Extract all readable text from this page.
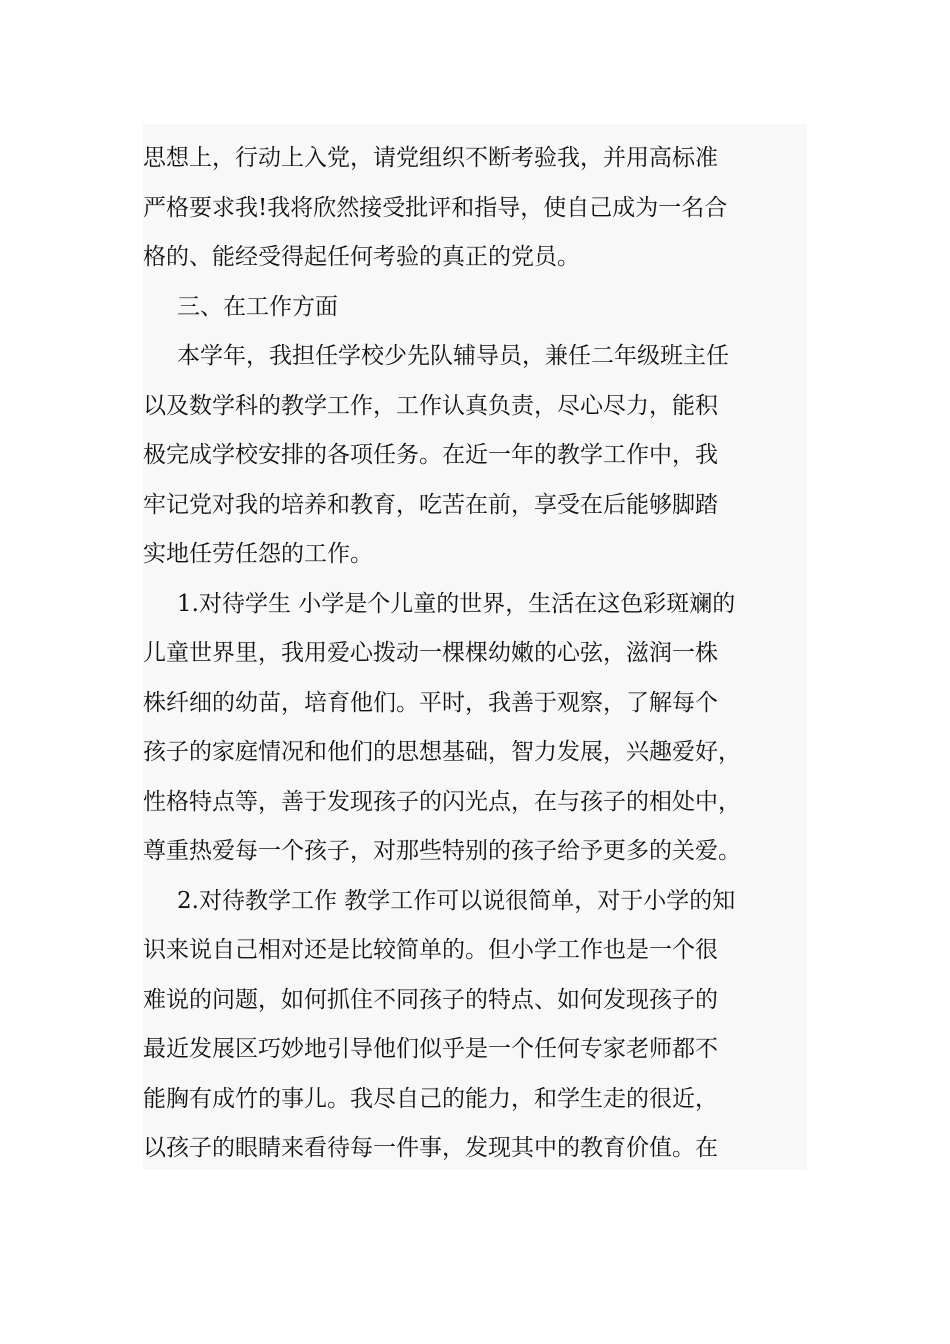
思想上，行动上入党，请党组织不断考验我，并用高标准
严格要求我!我将欣然接受批评和指导，使自己成为一名合
格的、能经受得起任何考验的真正的党员。
三、在工作方面
本学年，我担任学校少先队辅导员，兼任二年级班主任
以及数学科的教学工作，工作认真负责，尽心尽力，能积
极完成学校安排的各项任务。在近一年的教学工作中，我
牢记党对我的培养和教育，吃苦在前，享受在后能够脚踏
实地任劳任怨的工作。
1.对待学生 小学是个儿童的世界，生活在这色彩斑斓的
儿童世界里，我用爱心拨动一棵棵幼嫩的心弦，滋润一株
株纤细的幼苗，培育他们。平时，我善于观察，了解每个
孩子的家庭情况和他们的思想基础，智力发展，兴趣爱好，
性格特点等，善于发现孩子的闪光点，在与孩子的相处中，
尊重热爱每一个孩子，对那些特别的孩子给予更多的关爱。
2.对待教学工作 教学工作可以说很简单，对于小学的知
识来说自己相对还是比较简单的。但小学工作也是一个很
难说的问题，如何抓住不同孩子的特点、如何发现孩子的
最近发展区巧妙地引导他们似乎是一个任何专家老师都不
能胸有成竹的事儿。我尽自己的能力，和学生走的很近，
以孩子的眼睛来看待每一件事，发现其中的教育价值。在
